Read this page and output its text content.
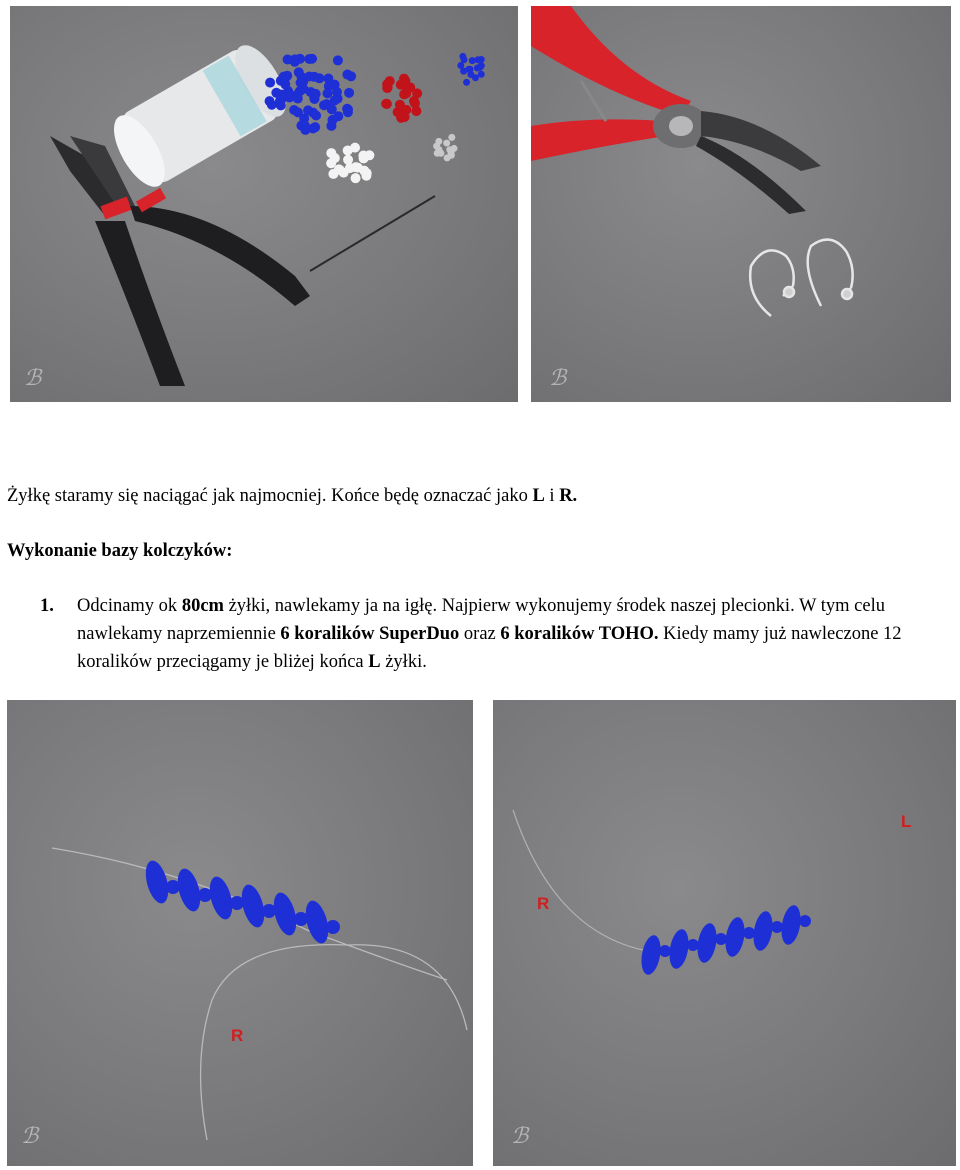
ℬ	ℬ
Żyłkę staramy się naciągać jak najmocniej. Końce będę oznaczać jako L i R.
Wykonanie bazy kolczyków:
1. Odcinamy ok 80cm żyłki, nawlekamy ja na igłę. Najpierw wykonujemy środek naszej plecionki. W tym celu nawlekamy naprzemiennie 6 koralików SuperDuo oraz 6 koralików TOHO. Kiedy mamy już nawleczone 12 koralików przeciągamy je bliżej końca L żyłki.
R
ℬ
R
L
ℬ
